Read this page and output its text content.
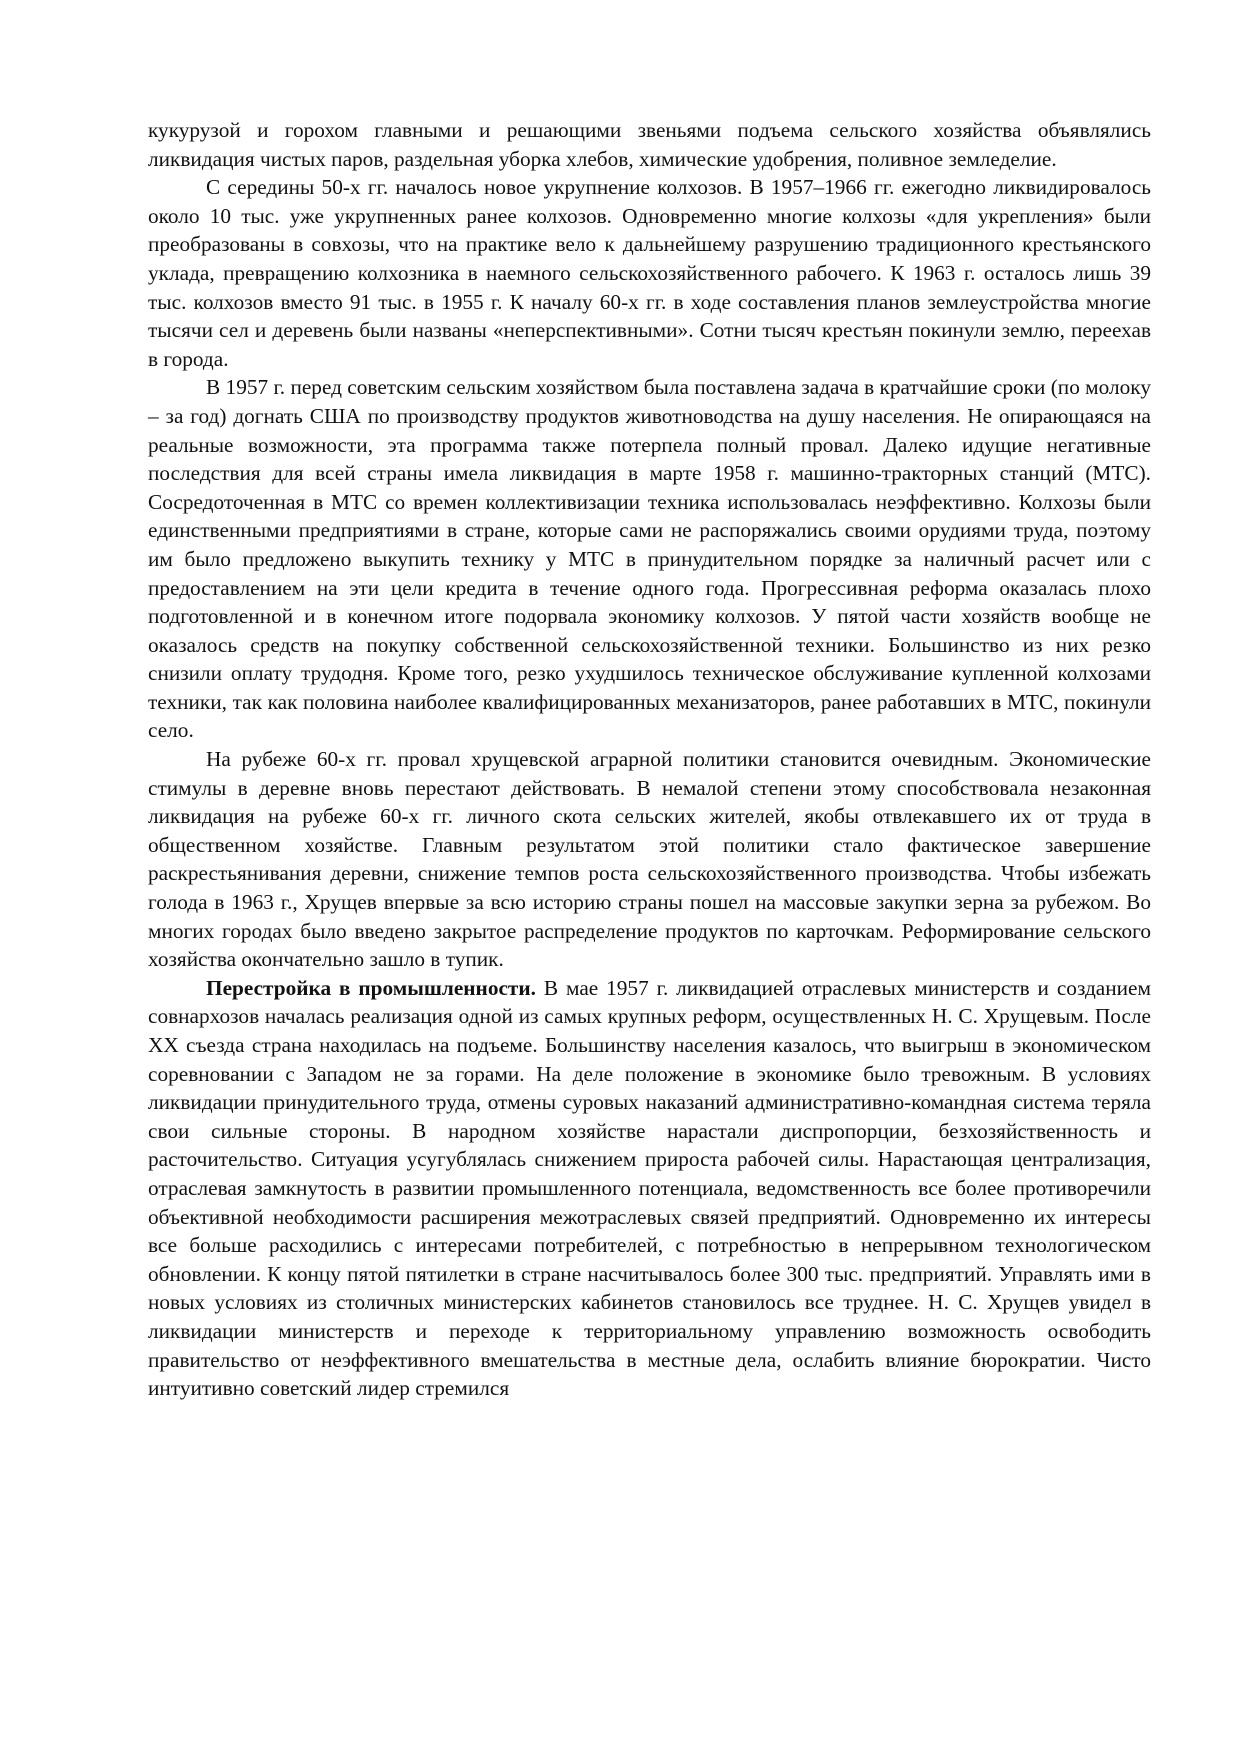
кукурузой и горохом главными и решающими звеньями подъема сельского хозяйства объявлялись ликвидация чистых паров, раздельная уборка хлебов, химические удобрения, поливное земледелие.

С середины 50-х гг. началось новое укрупнение колхозов. В 1957–1966 гг. ежегодно ликвидировалось около 10 тыс. уже укрупненных ранее колхозов. Одновременно многие колхозы «для укрепления» были преобразованы в совхозы, что на практике вело к дальнейшему разрушению традиционного крестьянского уклада, превращению колхозника в наемного сельскохозяйственного рабочего. К 1963 г. осталось лишь 39 тыс. колхозов вместо 91 тыс. в 1955 г. К началу 60-х гг. в ходе составления планов землеустройства многие тысячи сел и деревень были названы «неперспективными». Сотни тысяч крестьян покинули землю, переехав в города.

В 1957 г. перед советским сельским хозяйством была поставлена задача в кратчайшие сроки (по молоку – за год) догнать США по производству продуктов животноводства на душу населения. Не опирающаяся на реальные возможности, эта программа также потерпела полный провал. Далеко идущие негативные последствия для всей страны имела ликвидация в марте 1958 г. машинно-тракторных станций (МТС). Сосредоточенная в МТС со времен коллективизации техника использовалась неэффективно. Колхозы были единственными предприятиями в стране, которые сами не распоряжались своими орудиями труда, поэтому им было предложено выкупить технику у МТС в принудительном порядке за наличный расчет или с предоставлением на эти цели кредита в течение одного года. Прогрессивная реформа оказалась плохо подготовленной и в конечном итоге подорвала экономику колхозов. У пятой части хозяйств вообще не оказалось средств на покупку собственной сельскохозяйственной техники. Большинство из них резко снизили оплату трудодня. Кроме того, резко ухудшилось техническое обслуживание купленной колхозами техники, так как половина наиболее квалифицированных механизаторов, ранее работавших в МТС, покинули село.

На рубеже 60-х гг. провал хрущевской аграрной политики становится очевидным. Экономические стимулы в деревне вновь перестают действовать. В немалой степени этому способствовала незаконная ликвидация на рубеже 60-х гг. личного скота сельских жителей, якобы отвлекавшего их от труда в общественном хозяйстве. Главным результатом этой политики стало фактическое завершение раскрестьянивания деревни, снижение темпов роста сельскохозяйственного производства. Чтобы избежать голода в 1963 г., Хрущев впервые за всю историю страны пошел на массовые закупки зерна за рубежом. Во многих городах было введено закрытое распределение продуктов по карточкам. Реформирование сельского хозяйства окончательно зашло в тупик.

Перестройка в промышленности. В мае 1957 г. ликвидацией отраслевых министерств и созданием совнархозов началась реализация одной из самых крупных реформ, осуществленных Н. С. Хрущевым. После XX съезда страна находилась на подъеме. Большинству населения казалось, что выигрыш в экономическом соревновании с Западом не за горами. На деле положение в экономике было тревожным. В условиях ликвидации принудительного труда, отмены суровых наказаний административно-командная система теряла свои сильные стороны. В народном хозяйстве нарастали диспропорции, безхозяйственность и расточительство. Ситуация усугублялась снижением прироста рабочей силы. Нарастающая централизация, отраслевая замкнутость в развитии промышленного потенциала, ведомственность все более противоречили объективной необходимости расширения межотраслевых связей предприятий. Одновременно их интересы все больше расходились с интересами потребителей, с потребностью в непрерывном технологическом обновлении. К концу пятой пятилетки в стране насчитывалось более 300 тыс. предприятий. Управлять ими в новых условиях из столичных министерских кабинетов становилось все труднее. Н. С. Хрущев увидел в ликвидации министерств и переходе к территориальному управлению возможность освободить правительство от неэффективного вмешательства в местные дела, ослабить влияние бюрократии. Чисто интуитивно советский лидер стремился
